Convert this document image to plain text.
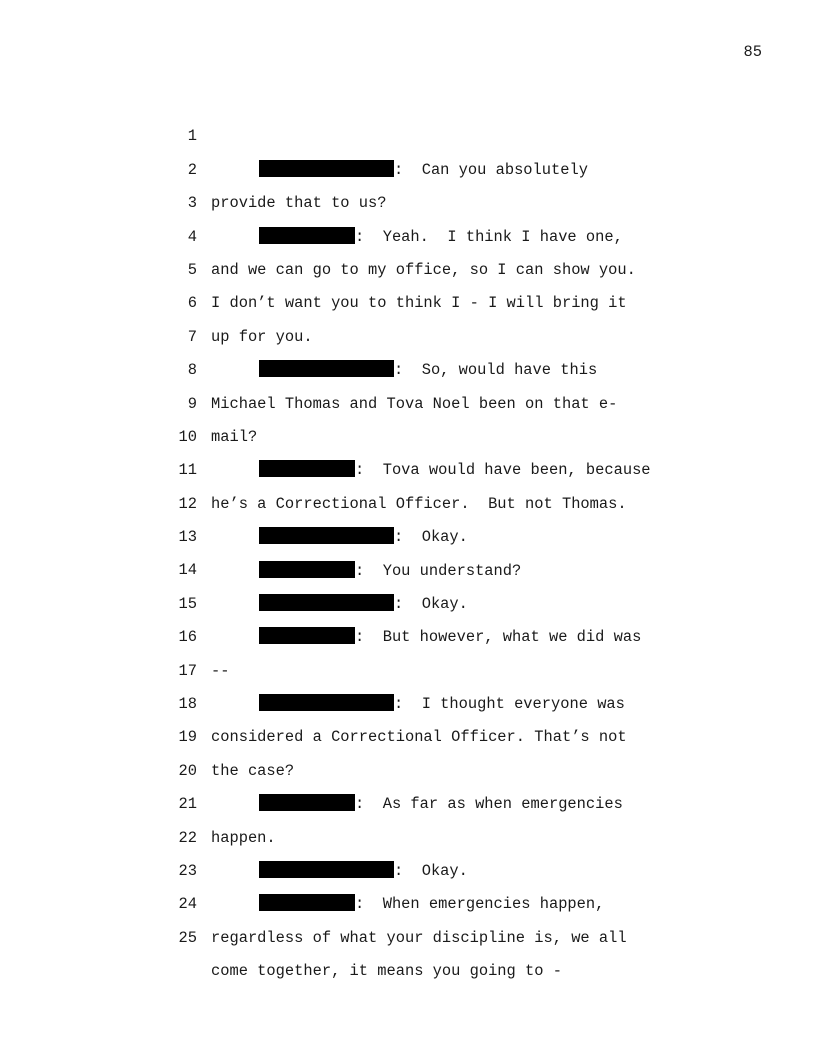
85

1

:  Can you absolutely

2

provide that to us?

3

:  Yeah.  I think I have one,

4

and we can go to my office, so I can show you.

5

I don’t want you to think I - I will bring it

6

up for you.

7

:  So, would have this

8

Michael Thomas and Tova Noel been on that e-

9

mail?

10

:  Tova would have been, because

11

he’s a Correctional Officer.  But not Thomas.

12

:  Okay.

13

:  You understand?

14

:  Okay.

15

:  But however, what we did was

16

--

17

:  I thought everyone was

18

considered a Correctional Officer. That’s not

19

the case?

20

:  As far as when emergencies

21

happen.

22

:  Okay.

23

:  When emergencies happen,

24

regardless of what your discipline is, we all

25

come together, it means you going to -
